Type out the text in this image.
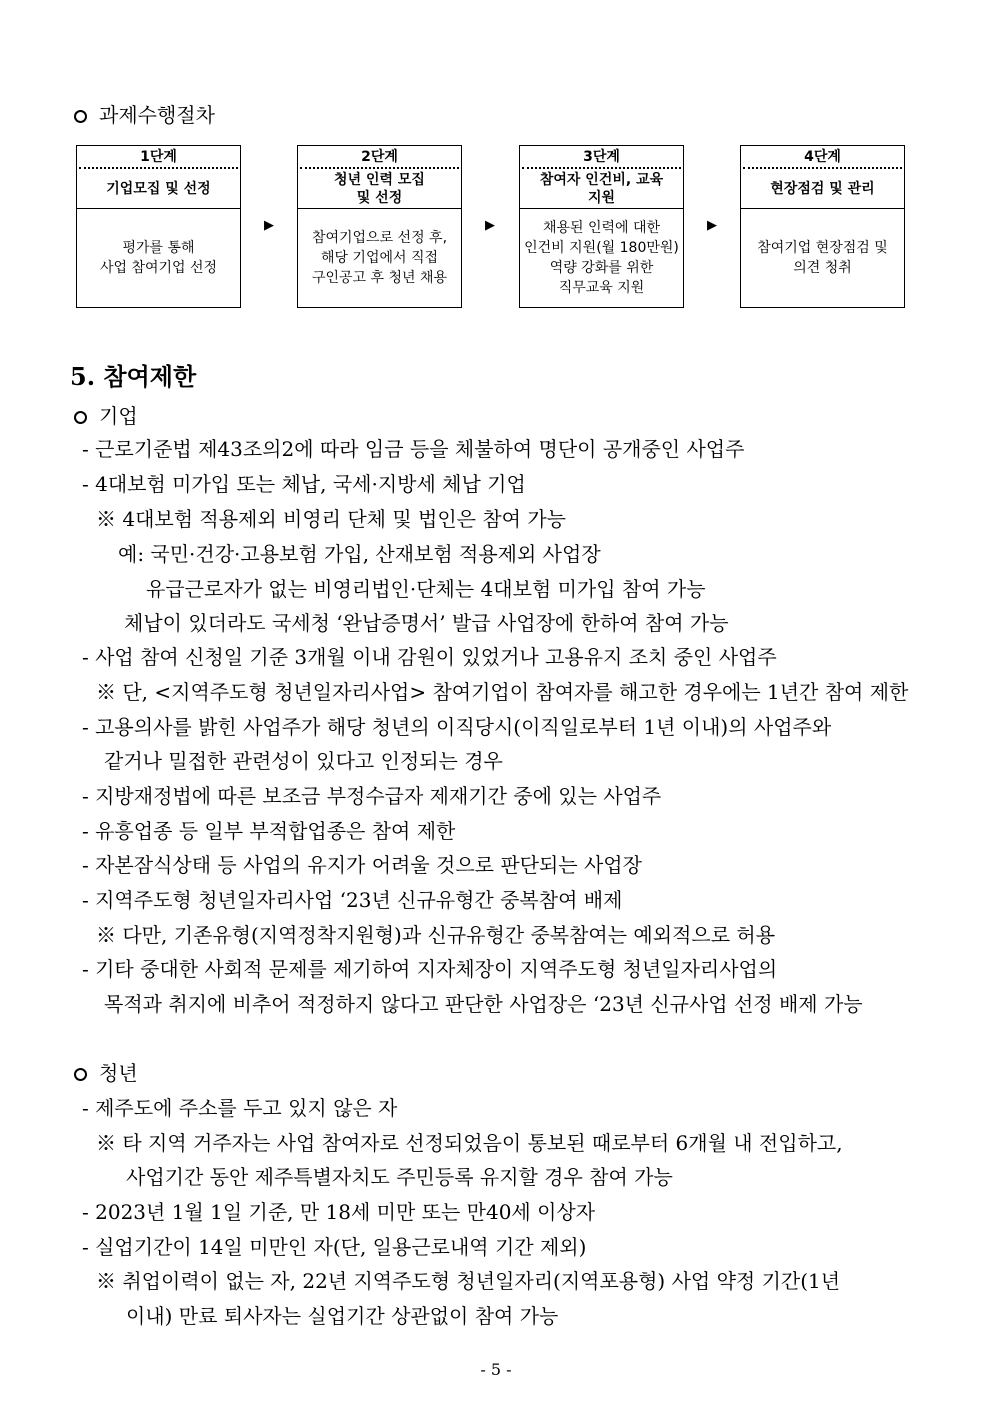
과제수행절차
1단계
기업모집 및 선정
평가를 통해
사업 참여기업 선정
▶
2단계
청년 인력 모집
및 선정
참여기업으로 선정 후,
해당 기업에서 직접
구인공고 후 청년 채용
▶
3단계
참여자 인건비, 교육
지원
채용된 인력에 대한
인건비 지원(월 180만원)
역량 강화를 위한
직무교육 지원
▶
4단계
현장점검 및 관리
참여기업 현장점검 및
의견 청취
5. 참여제한
기업
- 근로기준법 제43조의2에 따라 임금 등을 체불하여 명단이 공개중인 사업주
- 4대보험 미가입 또는 체납, 국세·지방세 체납 기업
※ 4대보험 적용제외 비영리 단체 및 법인은 참여 가능
예: 국민·건강·고용보험 가입, 산재보험 적용제외 사업장
유급근로자가 없는 비영리법인·단체는 4대보험 미가입 참여 가능
체납이 있더라도 국세청 ‘완납증명서’ 발급 사업장에 한하여 참여 가능
- 사업 참여 신청일 기준 3개월 이내 감원이 있었거나 고용유지 조치 중인 사업주
※ 단, <지역주도형 청년일자리사업> 참여기업이 참여자를 해고한 경우에는 1년간 참여 제한
- 고용의사를 밝힌 사업주가 해당 청년의 이직당시(이직일로부터 1년 이내)의 사업주와
같거나 밀접한 관련성이 있다고 인정되는 경우
- 지방재정법에 따른 보조금 부정수급자 제재기간 중에 있는 사업주
- 유흥업종 등 일부 부적합업종은 참여 제한
- 자본잠식상태 등 사업의 유지가 어려울 것으로 판단되는 사업장
- 지역주도형 청년일자리사업 ‘23년 신규유형간 중복참여 배제
※ 다만, 기존유형(지역정착지원형)과 신규유형간 중복참여는 예외적으로 허용
- 기타 중대한 사회적 문제를 제기하여 지자체장이 지역주도형 청년일자리사업의
목적과 취지에 비추어 적정하지 않다고 판단한 사업장은 ‘23년 신규사업 선정 배제 가능
청년
- 제주도에 주소를 두고 있지 않은 자
※ 타 지역 거주자는 사업 참여자로 선정되었음이 통보된 때로부터 6개월 내 전입하고,
사업기간 동안 제주특별자치도 주민등록 유지할 경우 참여 가능
- 2023년 1월 1일 기준, 만 18세 미만 또는 만40세 이상자
- 실업기간이 14일 미만인 자(단, 일용근로내역 기간 제외)
※ 취업이력이 없는 자, 22년 지역주도형 청년일자리(지역포용형) 사업 약정 기간(1년
이내) 만료 퇴사자는 실업기간 상관없이 참여 가능
- 5 -
